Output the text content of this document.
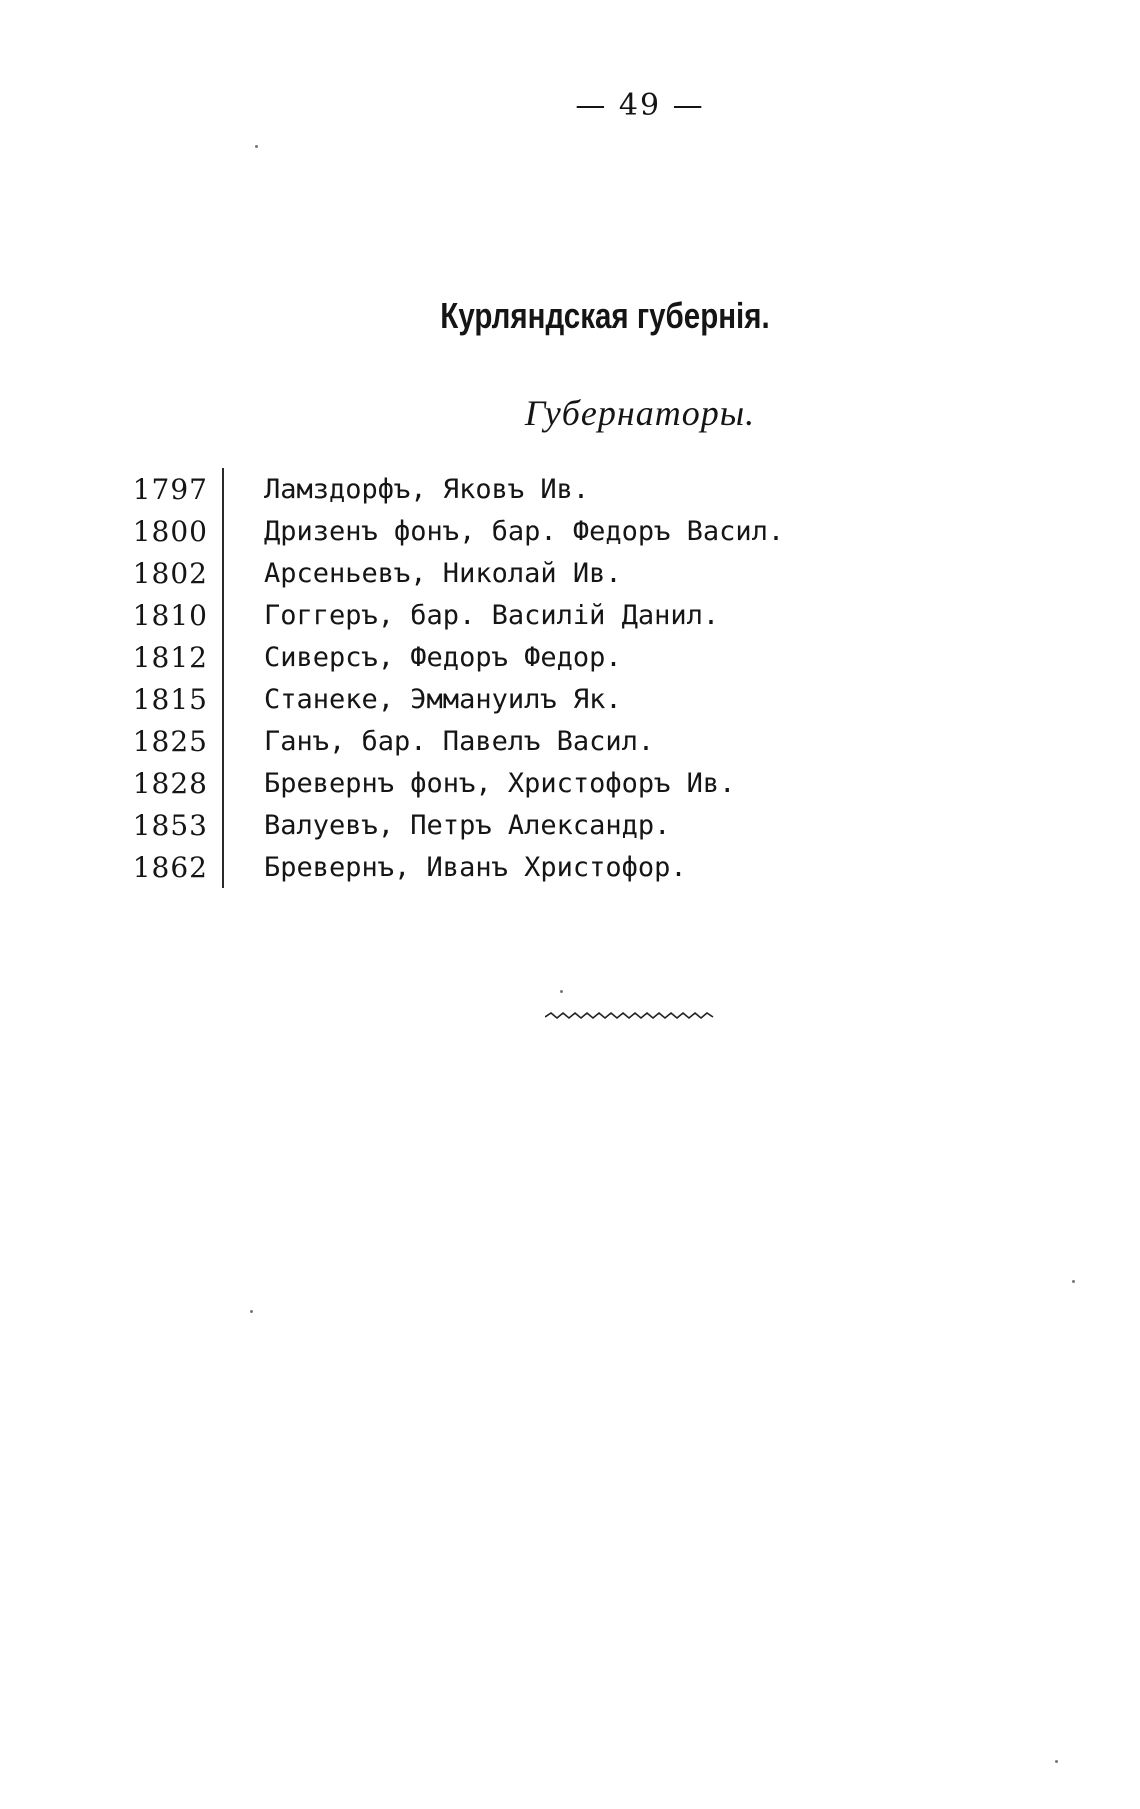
— 49 —
Курляндская губернія.
Губернаторы.
1797 Ламздорфъ, Яковъ Ив.
1800 Дризенъ фонъ, бар. Федоръ Васил.
1802 Арсеньевъ, Николай Ив.
1810 Гоггеръ, бар. Василій Данил.
1812 Сиверсъ, Федоръ Федор.
1815 Станеке, Эммануилъ Як.
1825 Ганъ, бар. Павелъ Васил.
1828 Бревернъ фонъ, Христофоръ Ив.
1853 Валуевъ, Петръ Александр.
1862 Бревернъ, Иванъ Христофор.
